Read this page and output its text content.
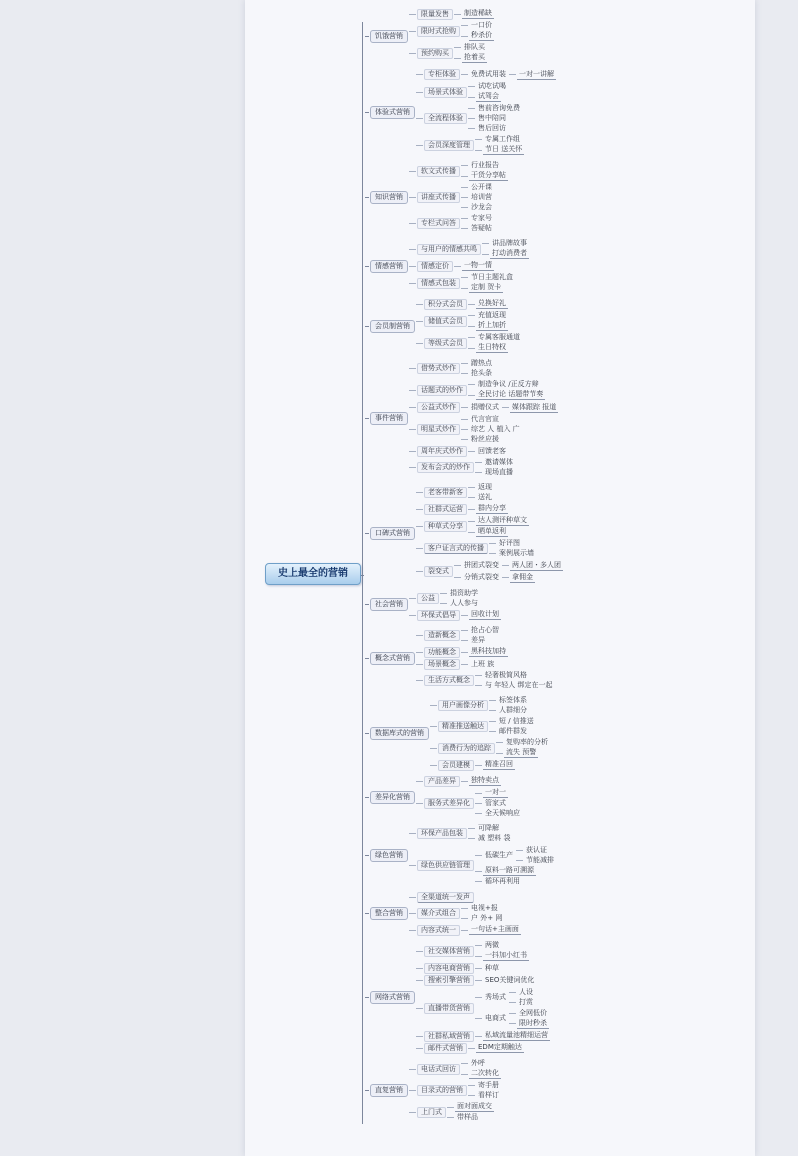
史上最全的营销
饥饿营销
限量发售	制造稀缺
限时式抢购
一口价
秒杀价
预约购买
排队买
抢着买
体验式营销
专柜体验	免费试用装 一对一讲解
场景式体验
试吃试喝
试驾会
全流程体验
售前咨询免费
售中陪同
售后回访
会员深度管理
专属工作组
节日 送关怀
知识营销
软文式传播
行业报告
干货分享帖
讲座式传播
公开课
培训营
沙龙会
专栏式问答
专家号
答疑帖
情感营销
与用户的情感共鸣
讲品牌故事
打动消费者
情感定价	一物一情
情感式包装
节日主题礼盒
定制 贺卡
会员制营销
积分式会员	兑换好礼
储值式会员
充值返现
折上加折
等级式会员
专属客服通道
生日特权
事件营销
借势式炒作
蹭热点
抢头条
话题式的炒作
制造争议 /正反方辩
全民讨论 话题带节奏
公益式炒作	捐赠仪式 媒体跟踪 报道
明星式炒作
代言官宣
综艺 人 植入 广
粉丝应援
周年庆式炒作	回馈老客
发布会式的炒作
邀请媒体
现场直播
口碑式营销
老客带新客
返现
送礼
社群式运营	群内分享
种草式分享
达人测评种草文
晒单返利
客户证言式的传播
好评图
案例展示墙
裂变式
拼团式裂变 两人团・多人团
分销式裂变 拿佣金
社会营销
公益
捐资助学
人人参与
环保式倡导	回收计划
概念式营销
造新概念
抢占心智
差异
功能概念	黑科技加持
场景概念	上班 族
生活方式概念
轻奢极简风格
与 年轻人 绑定在一起
数据库式的营销
用户画像分析
标签体系
人群细分
精准推送触达
短 / 信推送
邮件群发
消费行为的追踪
复购率的分析
流失 预警
会员建模	精准召回
差异化营销
产品差异	独特卖点
服务式差异化
一对一
管家式
全天候响应
绿色营销
环保产品包装
可降解
减 塑料 袋
绿色供应链管理
低碳生产
获认证
节能减排
原料一路可溯源
循环再利用
整合营销
全渠道统一发声
媒介式组合
电视+报
户 外+ 网
内容式统一	一句话+主画面
网络式营销
社交媒体营销
两微
一抖加小红书
内容电商营销	种草
搜索引擎营销	SEO关键词优化
直播带货营销
秀场式
人设
打赏
电商式
全网低价
限时秒杀
社群私域营销	私域流量池精细运营
邮件式营销	EDM定期触达
直复营销
电话式回访
外呼
二次转化
目录式的营销
寄手册
看样订
上门式
面对面成交
带样品
